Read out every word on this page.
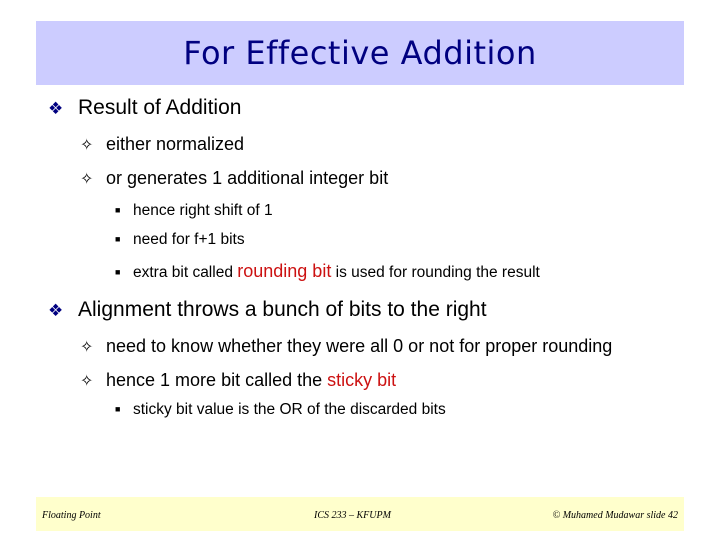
For Effective Addition
❖ Result of Addition
✧ either normalized
✧ or generates 1 additional integer bit
■ hence right shift of 1
■ need for f+1 bits
■ extra bit called rounding bit is used for rounding the result
❖ Alignment throws a bunch of bits to the right
✧ need to know whether they were all 0 or not for proper rounding
✧ hence 1 more bit called the sticky bit
■ sticky bit value is the OR of the discarded bits
Floating Point	ICS 233 – KFUPM	© Muhamed Mudawar slide 42
